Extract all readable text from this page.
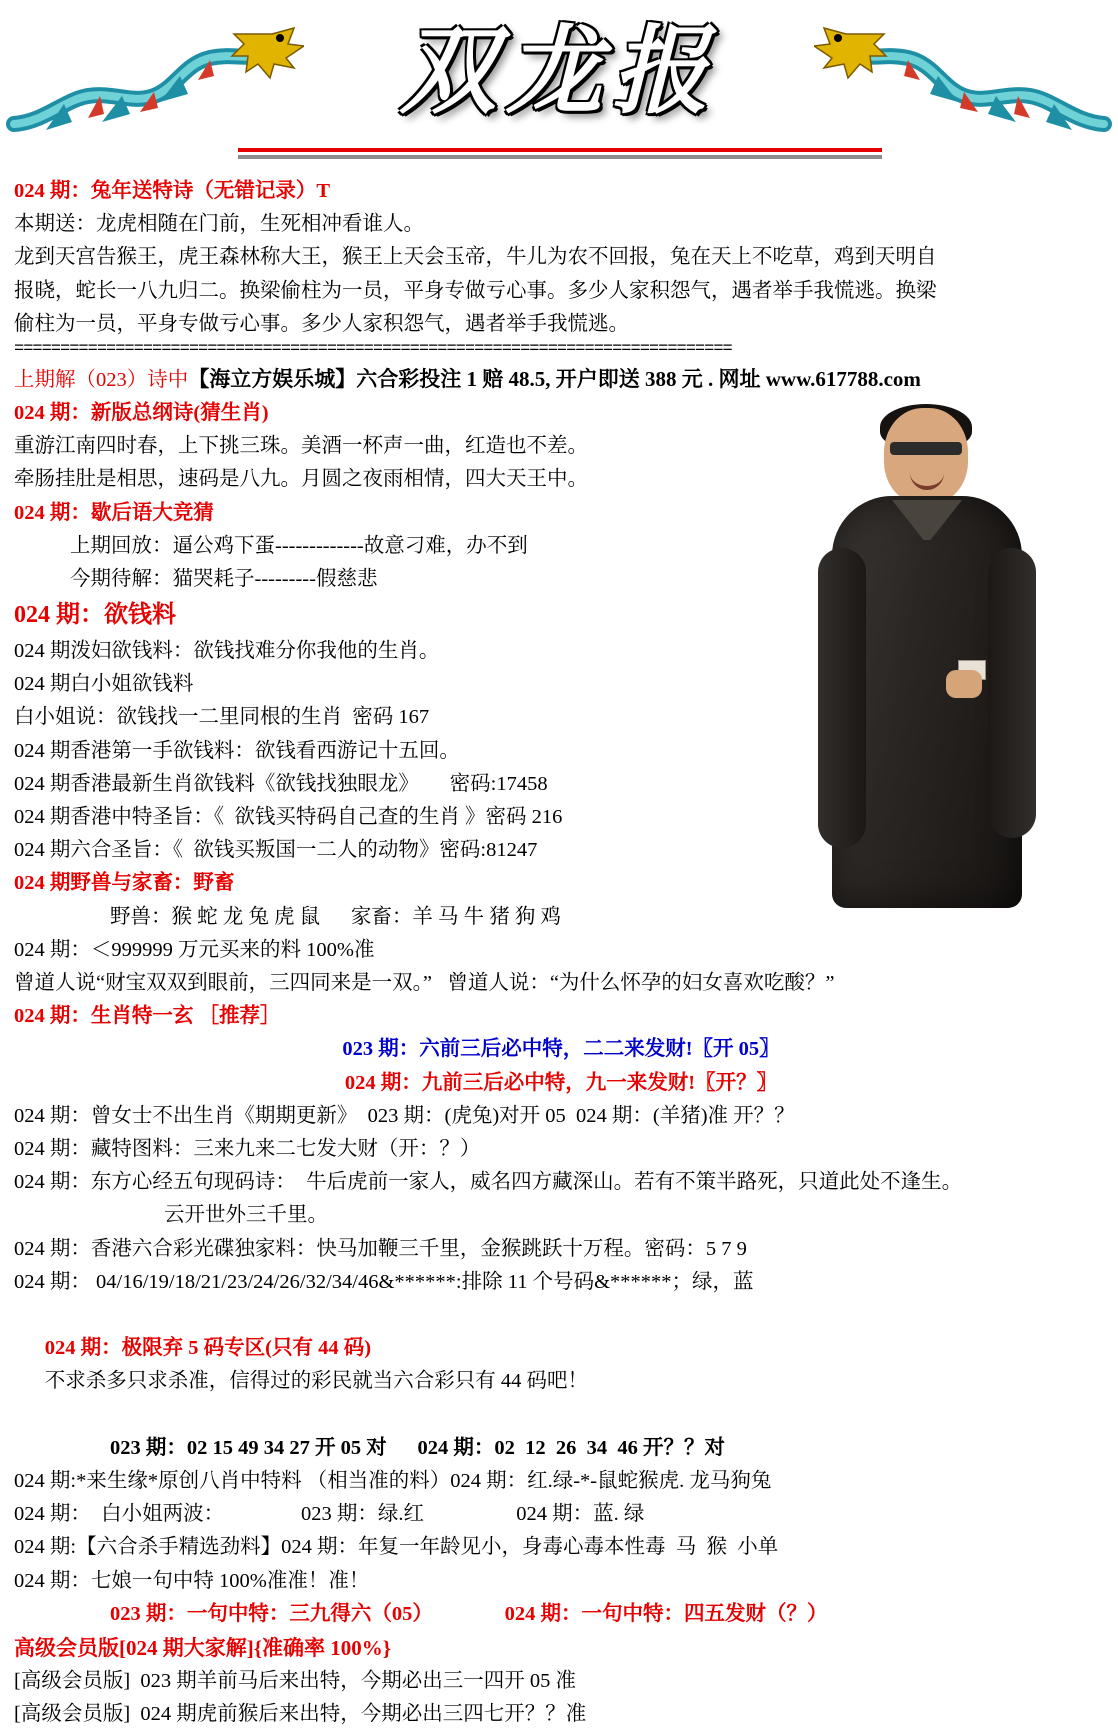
双龙报
024 期：兔年送特诗（无错记录）T
本期送：龙虎相随在门前，生死相冲看谁人。
龙到天宫告猴王，虎王森林称大王，猴王上天会玉帝，牛儿为农不回报，兔在天上不吃草，鸡到天明自
报晓，蛇长一八九归二。换梁偷柱为一员，平身专做亏心事。多少人家积怨气，遇者举手我慌逃。换梁
偷柱为一员，平身专做亏心事。多少人家积怨气，遇者举手我慌逃。
==============================================================================
上期解（023）诗中 【海立方娱乐城】六合彩投注 1 赔 48.5, 开户即送 388 元 . 网址 www.617788.com
024 期：新版总纲诗(猜生肖)
重游江南四时春，上下挑三珠。美酒一杯声一曲，红造也不差。
牵肠挂肚是相思，速码是八九。月圆之夜雨相情，四大天王中。
024 期：歇后语大竞猜
上期回放：逼公鸡下蛋-------------故意刁难，办不到
今期待解：猫哭耗子---------假慈悲
024 期：欲钱料
024 期泼妇欲钱料：欲钱找难分你我他的生肖。
024 期白小姐欲钱料
白小姐说：欲钱找一二里同根的生肖  密码 167
024 期香港第一手欲钱料：欲钱看西游记十五回。
024 期香港最新生肖欲钱料《欲钱找独眼龙》      密码:17458
024 期香港中特圣旨：《  欲钱买特码自己查的生肖 》密码 216
024 期六合圣旨：《  欲钱买叛国一二人的动物》密码:81247
024 期野兽与家畜：野畜
野兽：猴 蛇 龙 兔 虎 鼠      家畜：羊 马 牛 猪 狗 鸡
024 期：＜999999 万元买来的料 100%准
曾道人说“财宝双双到眼前，三四同来是一双。”   曾道人说：“为什么怀孕的妇女喜欢吃酸？”
024 期：生肖特一玄 ［推荐］
023 期：六前三后必中特，二二来发财!〖开 05〗
024 期：九前三后必中特，九一来发财!〖开？〗
024 期：曾女士不出生肖《期期更新》  023 期：(虎兔)对开 05  024 期：(羊猪)准 开？？
024 期：藏特图料：三来九来二七发大财（开：？）
024 期：东方心经五句现码诗：  牛后虎前一家人，威名四方藏深山。若有不策半路死，只道此处不逢生。
云开世外三千里。
024 期：香港六合彩光碟独家料：快马加鞭三千里，金猴跳跃十万程。密码：5 7 9
024 期： 04/16/19/18/21/23/24/26/32/34/46&******:排除 11 个号码&******；绿，蓝

024 期：极限弃 5 码专区(只有 44 码)
不求杀多只求杀准，信得过的彩民就当六合彩只有 44 码吧！

023 期：02 15 49 34 27 开 05 对      024 期：02  12  26  34  46 开？？对
024 期:*来生缘*原创八肖中特料 （相当准的料）024 期：红.绿-*-鼠蛇猴虎. 龙马狗兔
024 期：  白小姐两波：               023 期：绿.红                  024 期：蓝. 绿
024 期:【六合杀手精选劲料】024 期：年复一年龄见小，身毒心毒本性毒  马  猴  小单
024 期：七娘一句中特 100%准准！准！
023 期：一句中特：三九得六（05）              024 期：一句中特：四五发财（？）
高级会员版[024 期大家解]{准确率 100%}
[高级会员版]  023 期羊前马后来出特，今期必出三一四开 05 准
[高级会员版]  024 期虎前猴后来出特，今期必出三四七开？？准
